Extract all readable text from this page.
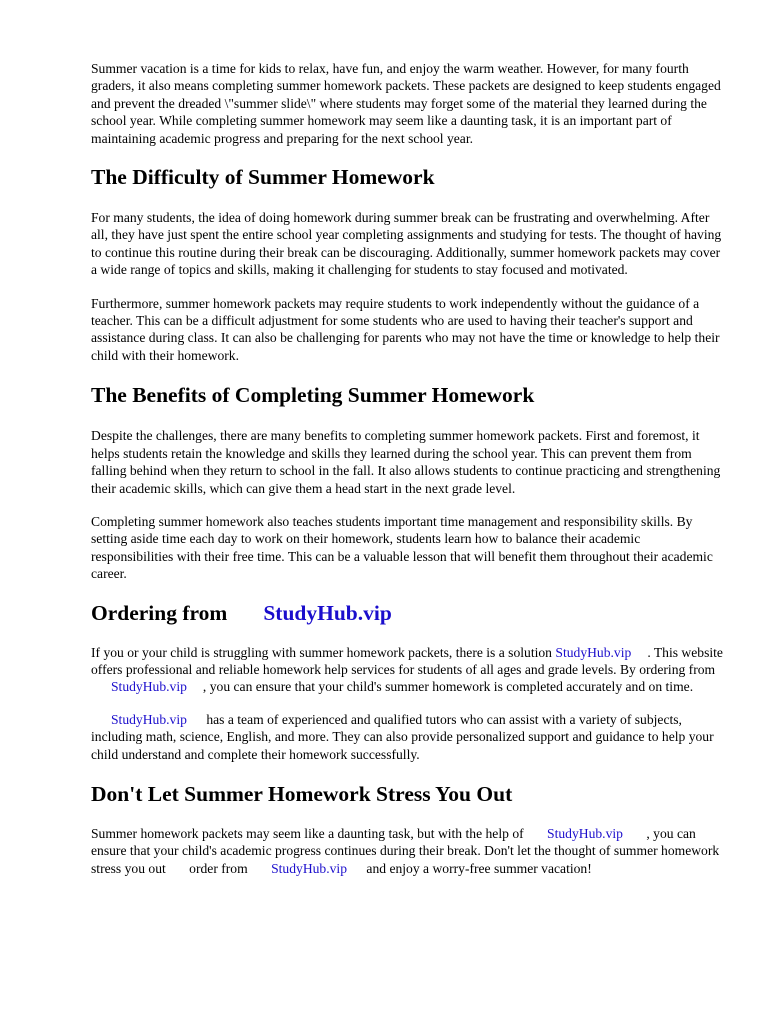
Summer vacation is a time for kids to relax, have fun, and enjoy the warm weather. However, for many fourth graders, it also means completing summer homework packets. These packets are designed to keep students engaged and prevent the dreaded \"summer slide\" where students may forget some of the material they learned during the school year. While completing summer homework may seem like a daunting task, it is an important part of maintaining academic progress and preparing for the next school year.

The Difficulty of Summer Homework

For many students, the idea of doing homework during summer break can be frustrating and overwhelming. After all, they have just spent the entire school year completing assignments and studying for tests. The thought of having to continue this routine during their break can be discouraging. Additionally, summer homework packets may cover a wide range of topics and skills, making it challenging for students to stay focused and motivated.

Furthermore, summer homework packets may require students to work independently without the guidance of a teacher. This can be a difficult adjustment for some students who are used to having their teacher's support and assistance during class. It can also be challenging for parents who may not have the time or knowledge to help their child with their homework.

The Benefits of Completing Summer Homework

Despite the challenges, there are many benefits to completing summer homework packets. First and foremost, it helps students retain the knowledge and skills they learned during the school year. This can prevent them from falling behind when they return to school in the fall. It also allows students to continue practicing and strengthening their academic skills, which can give them a head start in the next grade level.

Completing summer homework also teaches students important time management and responsibility skills. By setting aside time each day to work on their homework, students learn how to balance their academic responsibilities with their free time. This can be a valuable lesson that will benefit them throughout their academic career.

Ordering from StudyHub.vip

If you or your child is struggling with summer homework packets, there is a solution StudyHub.vip . This website offers professional and reliable homework help services for students of all ages and grade levels. By ordering from StudyHub.vip , you can ensure that your child's summer homework is completed accurately and on time.

StudyHub.vip has a team of experienced and qualified tutors who can assist with a variety of subjects, including math, science, English, and more. They can also provide personalized support and guidance to help your child understand and complete their homework successfully.

Don't Let Summer Homework Stress You Out

Summer homework packets may seem like a daunting task, but with the help of StudyHub.vip , you can ensure that your child's academic progress continues during their break. Don't let the thought of summer homework stress you out order from StudyHub.vip and enjoy a worry-free summer vacation!
